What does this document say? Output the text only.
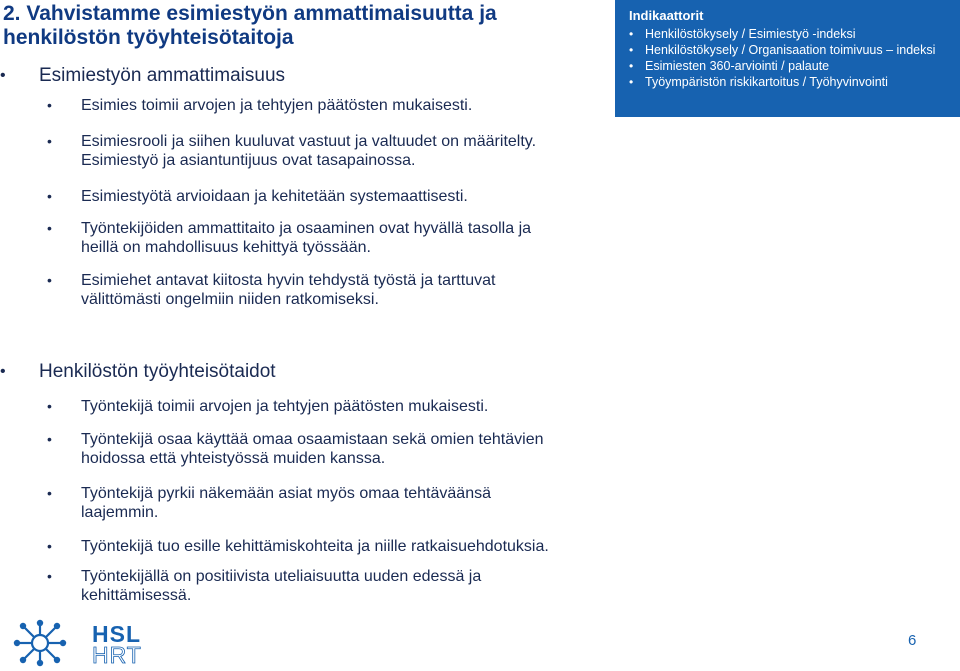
2. Vahvistamme esimiestyön ammattimaisuutta ja henkilöstön työyhteisötaitoja
Indikaattorit
• Henkilöstökysely / Esimiestyö -indeksi
• Henkilöstökysely / Organisaation toimivuus – indeksi
• Esimiesten 360-arviointi / palaute
• Työympäristön riskikartoitus / Työhyvinvointi
• Esimiestyön ammattimaisuus
• Esimies toimii arvojen ja tehtyjen päätösten mukaisesti.
• Esimiesrooli ja siihen kuuluvat vastuut ja valtuudet on määritelty. Esimiestyö ja asiantuntijuus ovat tasapainossa.
• Esimiestyötä arvioidaan ja kehitetään systemaattisesti.
• Työntekijöiden ammattitaito ja osaaminen ovat hyvällä tasolla ja heillä on mahdollisuus kehittyä työssään.
• Esimiehet antavat kiitosta hyvin tehdystä työstä ja tarttuvat välittömästi ongelmiin niiden ratkomiseksi.
• Henkilöstön työyhteisötaidot
• Työntekijä toimii arvojen ja tehtyjen päätösten mukaisesti.
• Työntekijä osaa käyttää omaa osaamistaan sekä omien tehtävien hoidossa että yhteistyössä muiden kanssa.
• Työntekijä pyrkii näkemään asiat myös omaa tehtäväänsä laajemmin.
• Työntekijä tuo esille kehittämiskohteita ja niille ratkaisuehdotuksia.
• Työntekijällä on positiivista uteliaisuutta uuden edessä ja kehittämisessä.
HSL
HRT
6
